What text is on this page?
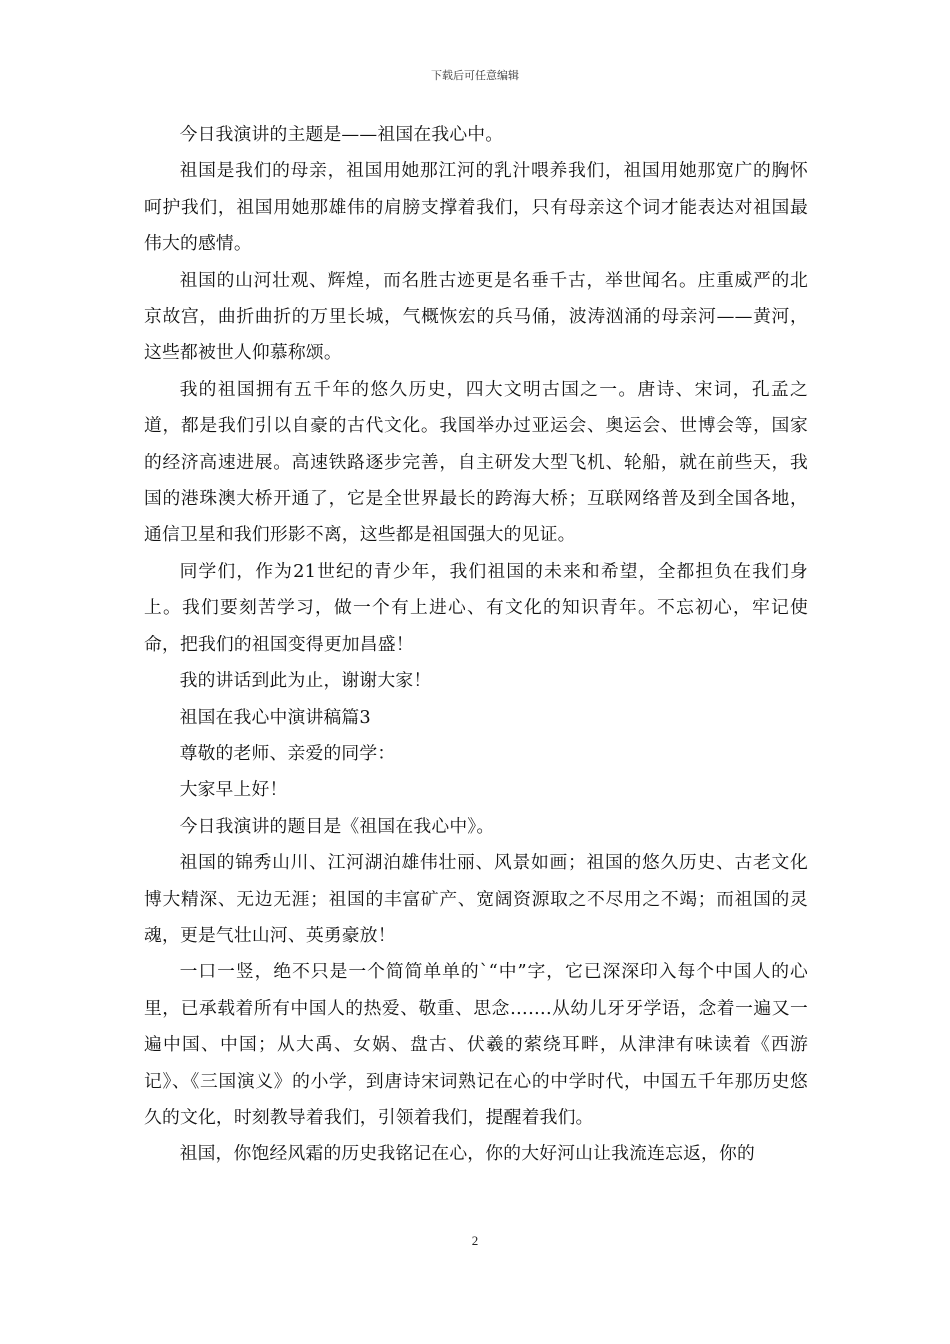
下载后可任意编辑

今日我演讲的主题是——祖国在我心中。

祖国是我们的母亲，祖国用她那江河的乳汁喂养我们，祖国用她那宽广的胸怀呵护我们，祖国用她那雄伟的肩膀支撑着我们，只有母亲这个词才能表达对祖国最伟大的感情。

祖国的山河壮观、辉煌，而名胜古迹更是名垂千古，举世闻名。庄重威严的北京故宫，曲折曲折的万里长城，气概恢宏的兵马俑，波涛汹涌的母亲河——黄河，这些都被世人仰慕称颂。

我的祖国拥有五千年的悠久历史，四大文明古国之一。唐诗、宋词，孔孟之道，都是我们引以自豪的古代文化。我国举办过亚运会、奥运会、世博会等，国家的经济高速进展。高速铁路逐步完善，自主研发大型飞机、轮船，就在前些天，我国的港珠澳大桥开通了，它是全世界最长的跨海大桥；互联网络普及到全国各地，通信卫星和我们形影不离，这些都是祖国强大的见证。

同学们，作为21世纪的青少年，我们祖国的未来和希望，全都担负在我们身上。我们要刻苦学习，做一个有上进心、有文化的知识青年。不忘初心，牢记使命，把我们的祖国变得更加昌盛！

我的讲话到此为止，谢谢大家！

祖国在我心中演讲稿篇3

尊敬的老师、亲爱的同学：

大家早上好！

今日我演讲的题目是《祖国在我心中》。

祖国的锦秀山川、江河湖泊雄伟壮丽、风景如画；祖国的悠久历史、古老文化博大精深、无边无涯；祖国的丰富矿产、宽阔资源取之不尽用之不竭；而祖国的灵魂，更是气壮山河、英勇豪放！

一口一竖，绝不只是一个简简单单的`“中”字，它已深深印入每个中国人的心里，已承载着所有中国人的热爱、敬重、思念…….从幼儿牙牙学语，念着一遍又一遍中国、中国；从大禹、女娲、盘古、伏羲的萦绕耳畔，从津津有味读着《西游记》、《三国演义》的小学，到唐诗宋词熟记在心的中学时代，中国五千年那历史悠久的文化，时刻教导着我们，引领着我们，提醒着我们。

祖国，你饱经风霜的历史我铭记在心，你的大好河山让我流连忘返，你的

2
